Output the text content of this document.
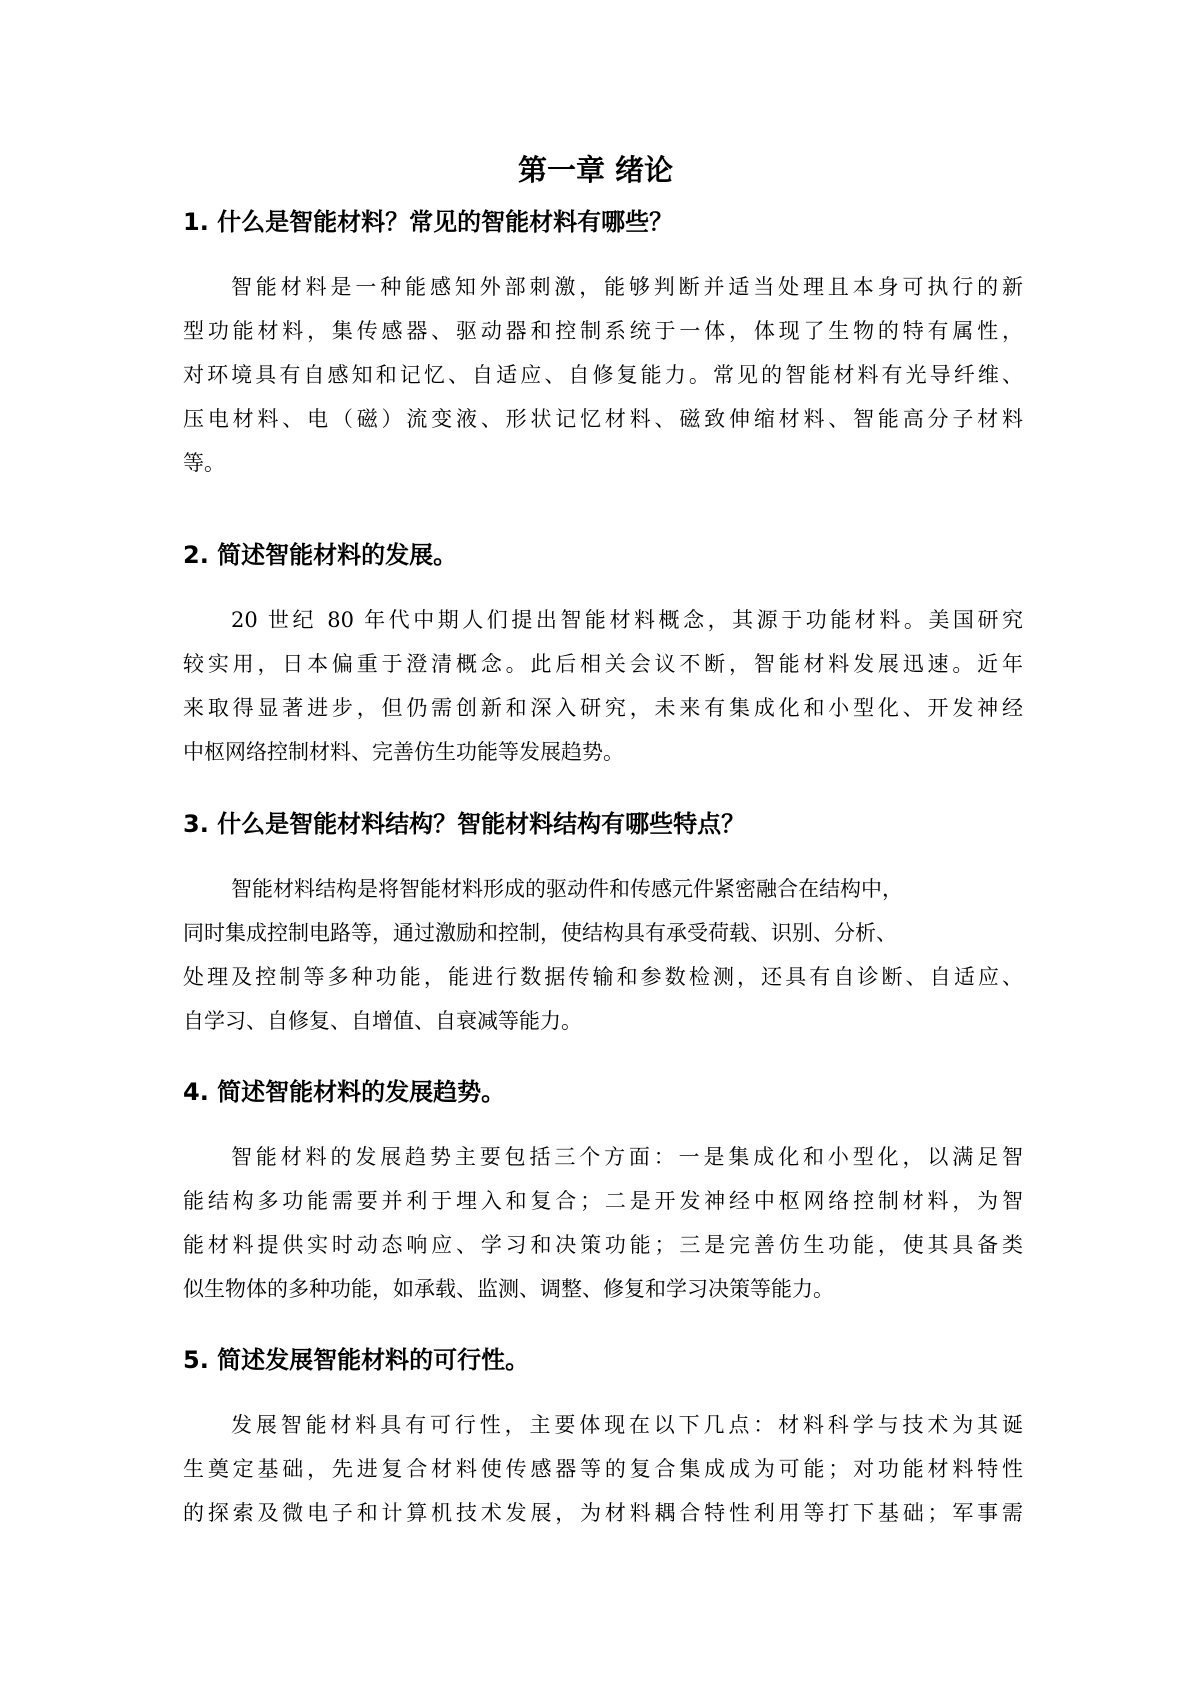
第一章 绪论
1. 什么是智能材料？常见的智能材料有哪些？
智能材料是一种能感知外部刺激，能够判断并适当处理且本身可执行的新
型功能材料，集传感器、驱动器和控制系统于一体，体现了生物的特有属性，
对环境具有自感知和记忆、自适应、自修复能力。常见的智能材料有光导纤维、
压电材料、电（磁）流变液、形状记忆材料、磁致伸缩材料、智能高分子材料
等。
2. 简述智能材料的发展。
20 世纪 80 年代中期人们提出智能材料概念，其源于功能材料。美国研究
较实用，日本偏重于澄清概念。此后相关会议不断，智能材料发展迅速。近年
来取得显著进步，但仍需创新和深入研究，未来有集成化和小型化、开发神经
中枢网络控制材料、完善仿生功能等发展趋势。
3. 什么是智能材料结构？智能材料结构有哪些特点？
智能材料结构是将智能材料形成的驱动件和传感元件紧密融合在结构中，
同时集成控制电路等，通过激励和控制，使结构具有承受荷载、识别、分析、
处理及控制等多种功能，能进行数据传输和参数检测，还具有自诊断、自适应、
自学习、自修复、自增值、自衰减等能力。
4. 简述智能材料的发展趋势。
智能材料的发展趋势主要包括三个方面：一是集成化和小型化，以满足智
能结构多功能需要并利于埋入和复合；二是开发神经中枢网络控制材料，为智
能材料提供实时动态响应、学习和决策功能；三是完善仿生功能，使其具备类
似生物体的多种功能，如承载、监测、调整、修复和学习决策等能力。
5. 简述发展智能材料的可行性。
发展智能材料具有可行性，主要体现在以下几点：材料科学与技术为其诞
生奠定基础，先进复合材料使传感器等的复合集成成为可能；对功能材料特性
的探索及微电子和计算机技术发展，为材料耦合特性利用等打下基础；军事需
